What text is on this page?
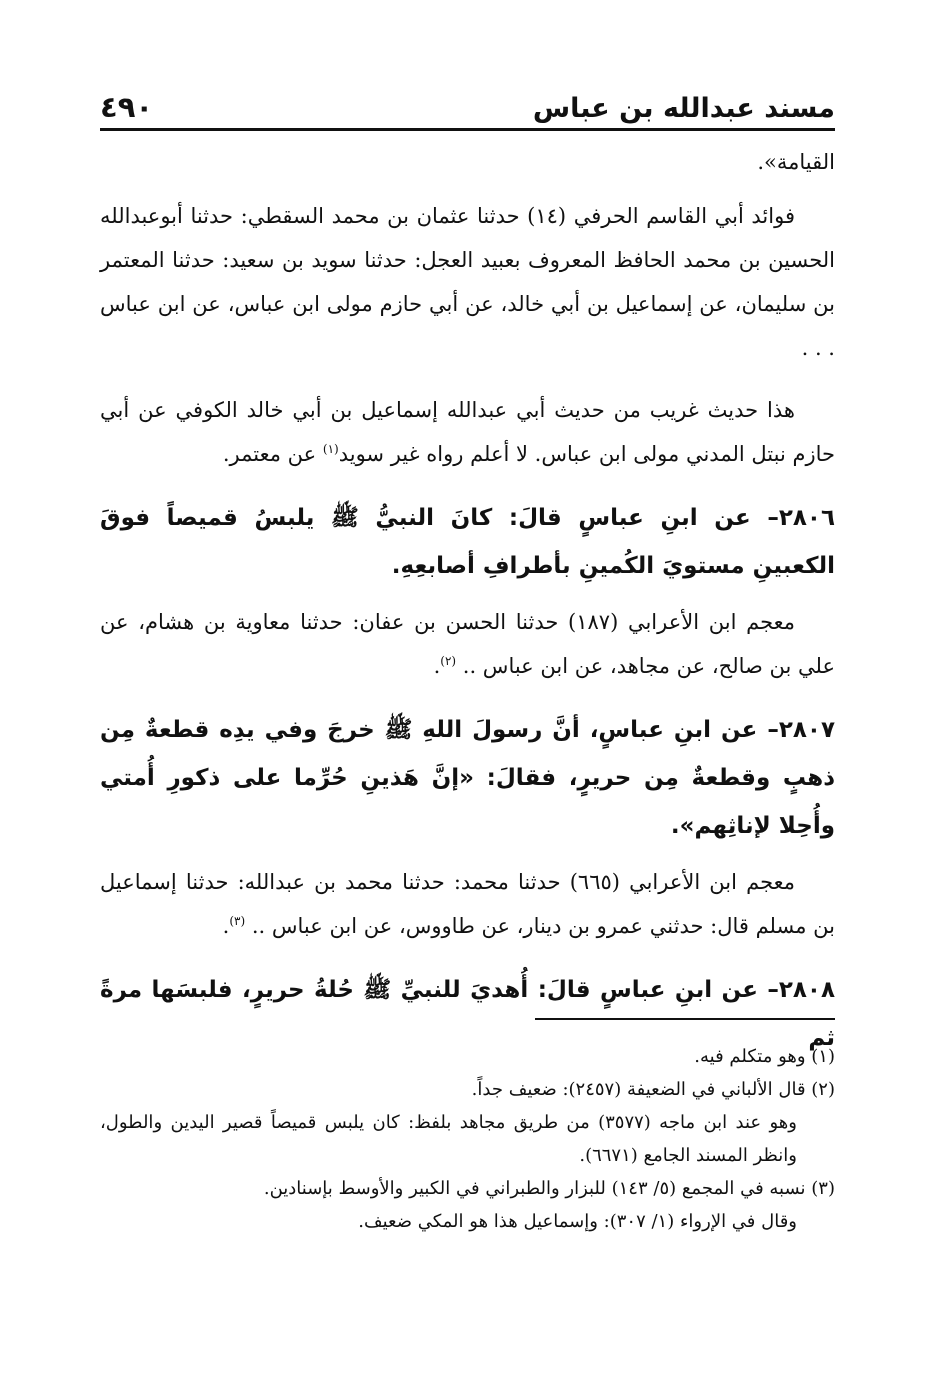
مسند عبدالله بن عباس
٤٩٠

القيامة».

فوائد أبي القاسم الحرفي (١٤) حدثنا عثمان بن محمد السقطي: حدثنا أبوعبدالله الحسين بن محمد الحافظ المعروف بعبيد العجل: حدثنا سويد بن سعيد: حدثنا المعتمر بن سليمان، عن إسماعيل بن أبي خالد، عن أبي حازم مولى ابن عباس، عن ابن عباس . . .

هذا حديث غريب من حديث أبي عبدالله إسماعيل بن أبي خالد الكوفي عن أبي حازم نبتل المدني مولى ابن عباس. لا أعلم رواه غير سويد$^{(١)}$ عن معتمر.

٢٨٠٦– عن ابنِ عباسٍ قالَ: كانَ النبيُّ ﷺ يلبسُ قميصاً فوقَ الكعبينِ مستويَ الكُمينِ بأطرافِ أصابعِهِ.

معجم ابن الأعرابي (١٨٧) حدثنا الحسن بن عفان: حدثنا معاوية بن هشام، عن علي بن صالح، عن مجاهد، عن ابن عباس .. $^{(٢)}$.

٢٨٠٧– عن ابنِ عباسٍ، أنَّ رسولَ اللهِ ﷺ خرجَ وفي يدِه قطعةٌ مِن ذهبٍ وقطعةٌ مِن حريرٍ، فقالَ: «إنَّ هَذينِ حُرِّما على ذكورِ أُمتي وأُحِلا لإناثِهم».

معجم ابن الأعرابي (٦٦٥) حدثنا محمد: حدثنا محمد بن عبدالله: حدثنا إسماعيل بن مسلم قال: حدثني عمرو بن دينار، عن طاووس، عن ابن عباس .. $^{(٣)}$.

٢٨٠٨– عن ابنِ عباسٍ قالَ: أُهديَ للنبيِّ ﷺ حُلةُ حريرٍ، فلبسَها مرةً ثم

(١) وهو متكلم فيه.

(٢) قال الألباني في الضعيفة (٢٤٥٧): ضعيف جداً.

وهو عند ابن ماجه (٣٥٧٧) من طريق مجاهد بلفظ: كان يلبس قميصاً قصير اليدين والطول، وانظر المسند الجامع (٦٦٧١).

(٣) نسبه في المجمع (٥/ ١٤٣) للبزار والطبراني في الكبير والأوسط بإسنادين.

وقال في الإرواء (١/ ٣٠٧): وإسماعيل هذا هو المكي ضعيف.
